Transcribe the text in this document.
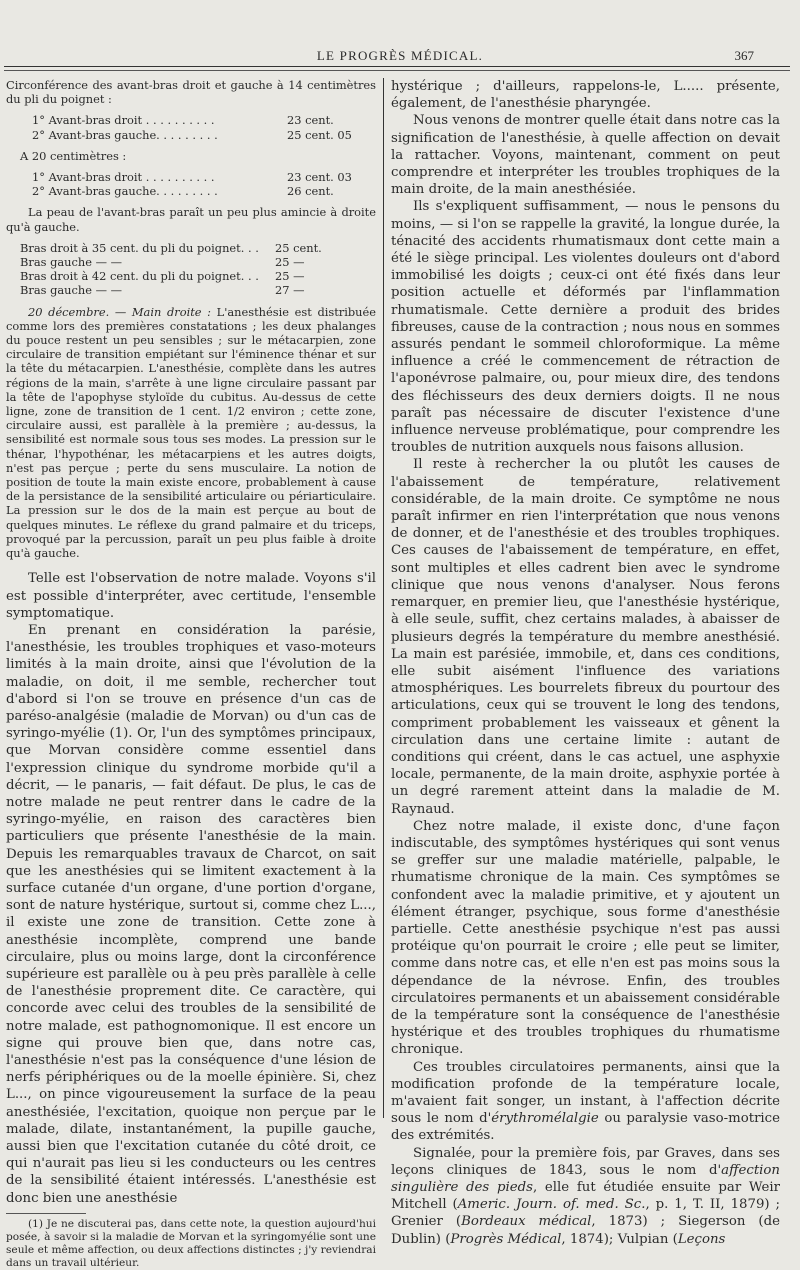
LE PROGRÈS MÉDICAL.	367

Circonférence des avant-bras droit et gauche à 14 centimètres du pli du poignet :

1° Avant-bras droit . . . . . . . . . .	23 cent.
2° Avant-bras gauche. . . . . . . . .	25 cent. 05

A 20 centimètres :

1° Avant-bras droit . . . . . . . . . .	23 cent. 03
2° Avant-bras gauche. . . . . . . . .	26 cent.

La peau de l'avant-bras paraît un peu plus amincie à droite qu'à gauche.

Bras droit à 35 cent. du pli du poignet. . .	25 cent.
Bras gauche — —	25 —
Bras droit à 42 cent. du pli du poignet. . .	25 —
Bras gauche — —	27 —

20 décembre. — Main droite : L'anesthésie est distribuée comme lors des premières constatations ; les deux phalanges du pouce restent un peu sensibles ; sur le métacarpien, zone circulaire de transition empiétant sur l'éminence thénar et sur la tête du métacarpien. L'anesthésie, complète dans les autres régions de la main, s'arrête à une ligne circulaire passant par la tête de l'apophyse styloïde du cubitus. Au-dessus de cette ligne, zone de transition de 1 cent. 1/2 environ ; cette zone, circulaire aussi, est parallèle à la première ; au-dessus, la sensibilité est normale sous tous ses modes. La pression sur le thénar, l'hypothénar, les métacarpiens et les autres doigts, n'est pas perçue ; perte du sens musculaire. La notion de position de toute la main existe encore, probablement à cause de la persistance de la sensibilité articulaire ou périarticulaire. La pression sur le dos de la main est perçue au bout de quelques minutes. Le réflexe du grand palmaire et du triceps, provoqué par la percussion, paraît un peu plus faible à droite qu'à gauche.

Telle est l'observation de notre malade. Voyons s'il est possible d'interpréter, avec certitude, l'ensemble symptomatique.

En prenant en considération la parésie, l'anesthésie, les troubles trophiques et vaso-moteurs limités à la main droite, ainsi que l'évolution de la maladie, on doit, il me semble, rechercher tout d'abord si l'on se trouve en présence d'un cas de paréso-analgésie (maladie de Morvan) ou d'un cas de syringo-myélie (1). Or, l'un des symptômes principaux, que Morvan considère comme essentiel dans l'expression clinique du syndrome morbide qu'il a décrit, — le panaris, — fait défaut. De plus, le cas de notre malade ne peut rentrer dans le cadre de la syringo-myélie, en raison des caractères bien particuliers que présente l'anesthésie de la main. Depuis les remarquables travaux de Charcot, on sait que les anesthésies qui se limitent exactement à la surface cutanée d'un organe, d'une portion d'organe, sont de nature hystérique, surtout si, comme chez L..., il existe une zone de transition. Cette zone à anesthésie incomplète, comprend une bande circulaire, plus ou moins large, dont la circonférence supérieure est parallèle ou à peu près parallèle à celle de l'anesthésie proprement dite. Ce caractère, qui concorde avec celui des troubles de la sensibilité de notre malade, est pathognomonique. Il est encore un signe qui prouve bien que, dans notre cas, l'anesthésie n'est pas la conséquence d'une lésion de nerfs périphériques ou de la moelle épinière. Si, chez L..., on pince vigoureusement la surface de la peau anesthésiée, l'excitation, quoique non perçue par le malade, dilate, instantanément, la pupille gauche, aussi bien que l'excitation cutanée du côté droit, ce qui n'aurait pas lieu si les conducteurs ou les centres de la sensibilité étaient intéressés. L'anesthésie est donc bien une anesthésie

(1) Je ne discuterai pas, dans cette note, la question aujourd'hui posée, à savoir si la maladie de Morvan et la syringomyélie sont une seule et même affection, ou deux affections distinctes ; j'y reviendrai dans un travail ultérieur.

hystérique ; d'ailleurs, rappelons-le, L..... présente, également, de l'anesthésie pharyngée.

Nous venons de montrer quelle était dans notre cas la signification de l'anesthésie, à quelle affection on devait la rattacher. Voyons, maintenant, comment on peut comprendre et interpréter les troubles trophiques de la main droite, de la main anesthésiée.

Ils s'expliquent suffisamment, — nous le pensons du moins, — si l'on se rappelle la gravité, la longue durée, la ténacité des accidents rhumatismaux dont cette main a été le siège principal. Les violentes douleurs ont d'abord immobilisé les doigts ; ceux-ci ont été fixés dans leur position actuelle et déformés par l'inflammation rhumatismale. Cette dernière a produit des brides fibreuses, cause de la contraction ; nous nous en sommes assurés pendant le sommeil chloroformique. La même influence a créé le commencement de rétraction de l'aponévrose palmaire, ou, pour mieux dire, des tendons des fléchisseurs des deux derniers doigts. Il ne nous paraît pas nécessaire de discuter l'existence d'une influence nerveuse problématique, pour comprendre les troubles de nutrition auxquels nous faisons allusion.

Il reste à rechercher la ou plutôt les causes de l'abaissement de température, relativement considérable, de la main droite. Ce symptôme ne nous paraît infirmer en rien l'interprétation que nous venons de donner, et de l'anesthésie et des troubles trophiques. Ces causes de l'abaissement de température, en effet, sont multiples et elles cadrent bien avec le syndrome clinique que nous venons d'analyser. Nous ferons remarquer, en premier lieu, que l'anesthésie hystérique, à elle seule, suffit, chez certains malades, à abaisser de plusieurs degrés la température du membre anesthésié. La main est parésiée, immobile, et, dans ces conditions, elle subit aisément l'influence des variations atmosphériques. Les bourrelets fibreux du pourtour des articulations, ceux qui se trouvent le long des tendons, compriment probablement les vaisseaux et gênent la circulation dans une certaine limite : autant de conditions qui créent, dans le cas actuel, une asphyxie locale, permanente, de la main droite, asphyxie portée à un degré rarement atteint dans la maladie de M. Raynaud.

Chez notre malade, il existe donc, d'une façon indiscutable, des symptômes hystériques qui sont venus se greffer sur une maladie matérielle, palpable, le rhumatisme chronique de la main. Ces symptômes se confondent avec la maladie primitive, et y ajoutent un élément étranger, psychique, sous forme d'anesthésie partielle. Cette anesthésie psychique n'est pas aussi protéique qu'on pourrait le croire ; elle peut se limiter, comme dans notre cas, et elle n'en est pas moins sous la dépendance de la névrose. Enfin, des troubles circulatoires permanents et un abaissement considérable de la température sont la conséquence de l'anesthésie hystérique et des troubles trophiques du rhumatisme chronique.

Ces troubles circulatoires permanents, ainsi que la modification profonde de la température locale, m'avaient fait songer, un instant, à l'affection décrite sous le nom d'érythromélalgie ou paralysie vaso-motrice des extrémités.

Signalée, pour la première fois, par Graves, dans ses leçons cliniques de 1843, sous le nom d'affection singulière des pieds, elle fut étudiée ensuite par Weir Mitchell (Americ. Journ. of. med. Sc., p. 1, T. II, 1879) ; Grenier (Bordeaux médical, 1873) ; Siegerson (de Dublin) (Progrès Médical, 1874); Vulpian (Leçons
